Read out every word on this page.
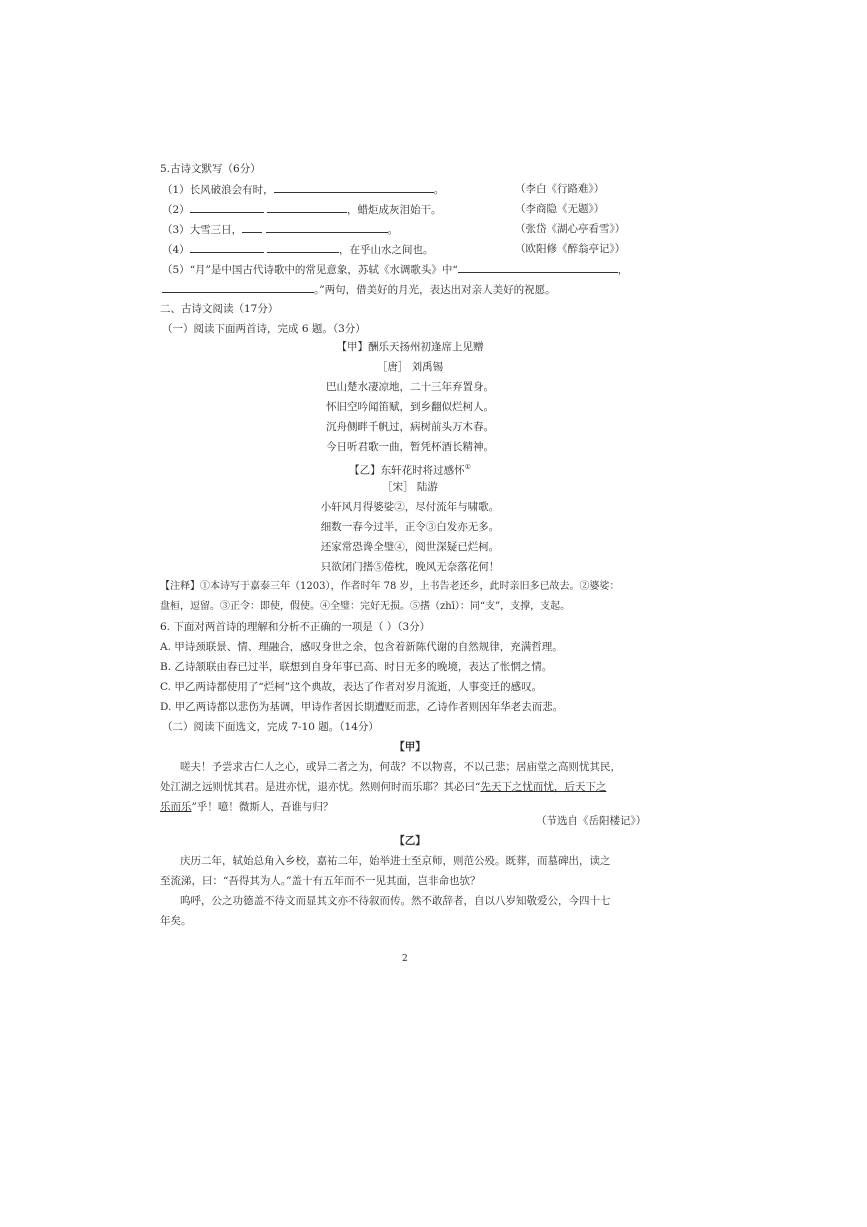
5.古诗文默写（6分）
（1）长风破浪会有时，	。	（李白《行路难》）
（2）	，蜡炬成灰泪始干。	（李商隐《无题》）
（3）大雪三日，	。	（张岱《湖心亭看雪》）
（4）	，在乎山水之间也。	（欧阳修《醉翁亭记》）
（5）“月”是中国古代诗歌中的常见意象，苏轼《水调歌头》中“	，
。”两句，借美好的月光，表达出对亲人美好的祝愿。
二、古诗文阅读（17分）
（一）阅读下面两首诗，完成 6 题。（3分）
【甲】酬乐天扬州初逢席上见赠
［唐］ 刘禹锡
巴山楚水凄凉地，二十三年弃置身。
怀旧空吟闻笛赋，到乡翻似烂柯人。
沉舟侧畔千帆过，病树前头万木春。
今日听君歌一曲，暂凭杯酒长精神。
【乙】东轩花时将过感怀①
［宋］ 陆游
小轩风月得婆娑②，尽付流年与啸歌。
细数一春今过半，正令③白发亦无多。
还家常恐谗全璧④，阅世深疑已烂柯。
只欲闭门搘⑤倦枕，晚风无奈落花何！
【注释】①本诗写于嘉泰三年（1203），作者时年 78 岁，上书告老还乡，此时亲旧多已故去。②婆娑：
盘桓，逗留。③正令：即使，假使。④全璧：完好无损。⑤搘（zhī）：同“支”，支撑，支起。
6. 下面对两首诗的理解和分析不正确的一项是（ ）（3分）
A. 甲诗颈联景、情、理融合，感叹身世之余，包含着新陈代谢的自然规律，充满哲理。
B. 乙诗颔联由春已过半，联想到自身年事已高、时日无多的晚境，表达了怅惘之情。
C. 甲乙两诗都使用了“烂柯”这个典故，表达了作者对岁月流逝，人事变迁的感叹。
D. 甲乙两诗都以悲伤为基调，甲诗作者因长期遭贬而悲，乙诗作者则因年华老去而悲。
（二）阅读下面选文，完成 7-10 题。（14分）
【甲】
嗟夫！予尝求古仁人之心，或异二者之为，何哉？不以物喜，不以己悲；居庙堂之高则忧其民，
处江湖之远则忧其君。是进亦忧，退亦忧。然则何时而乐耶？其必曰“先天下之忧而忧，后天下之
乐而乐”乎！噫！微斯人，吾谁与归？
（节选自《岳阳楼记》）
【乙】
庆历二年，轼始总角入乡校，嘉祐二年，始举进士至京师，则范公殁。既葬，而墓碑出，读之
至流涕，曰：“吾得其为人。”盖十有五年而不一见其面，岂非命也欤？
呜呼，公之功德盖不待文而显其文亦不待叙而传。然不敢辞者，自以八岁知敬爱公，今四十七
年矣。
2
